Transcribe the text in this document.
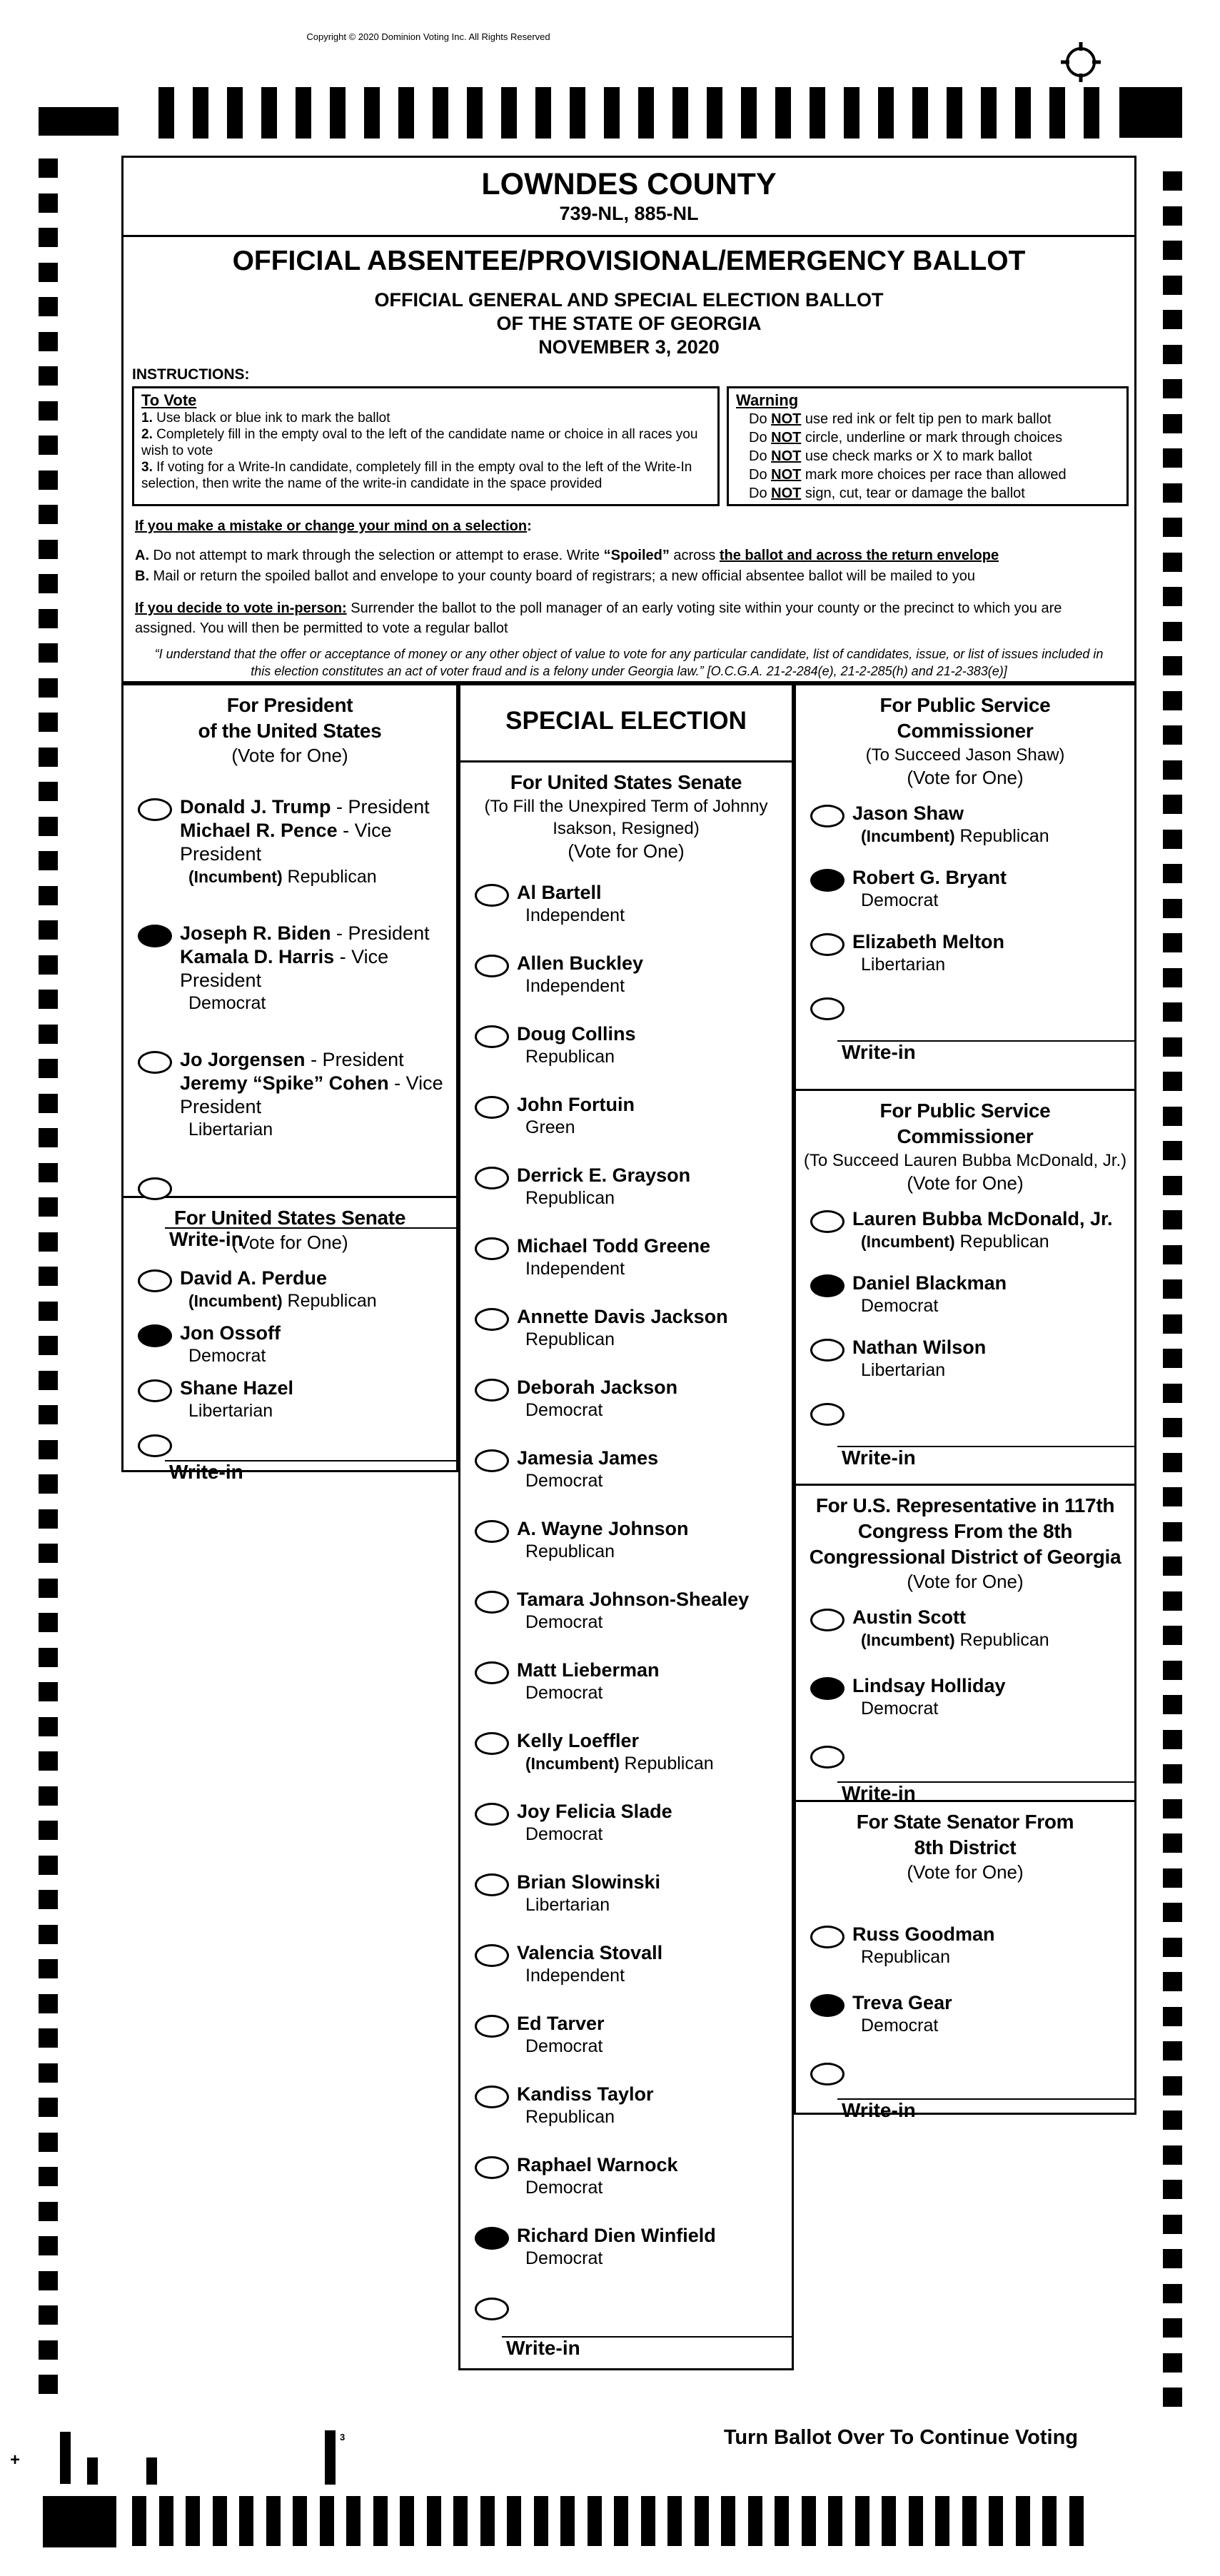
Copyright © 2020 Dominion Voting Inc. All Rights Reserved
LOWNDES COUNTY
739-NL, 885-NL
OFFICIAL ABSENTEE/PROVISIONAL/EMERGENCY BALLOT
OFFICIAL GENERAL AND SPECIAL ELECTION BALLOT
OF THE STATE OF GEORGIA
NOVEMBER 3, 2020
INSTRUCTIONS:
To Vote
1. Use black or blue ink to mark the ballot
2. Completely fill in the empty oval to the left of the candidate name or choice in all races you wish to vote
3. If voting for a Write-In candidate, completely fill in the empty oval to the left of the Write-In selection, then write the name of the write-in candidate in the space provided
Warning
Do NOT use red ink or felt tip pen to mark ballot
Do NOT circle, underline or mark through choices
Do NOT use check marks or X to mark ballot
Do NOT mark more choices per race than allowed
Do NOT sign, cut, tear or damage the ballot
If you make a mistake or change your mind on a selection:
A. Do not attempt to mark through the selection or attempt to erase. Write “Spoiled” across the ballot and across the return envelope
B. Mail or return the spoiled ballot and envelope to your county board of registrars; a new official absentee ballot will be mailed to you
If you decide to vote in-person: Surrender the ballot to the poll manager of an early voting site within your county or the precinct to which you are assigned. You will then be permitted to vote a regular ballot
“I understand that the offer or acceptance of money or any other object of value to vote for any particular candidate, list of candidates, issue, or list of issues included in this election constitutes an act of voter fraud and is a felony under Georgia law.” [O.C.G.A. 21-2-284(e), 21-2-285(h) and 21-2-383(e)]
Turn Ballot Over To Continue Voting
+
3
For President
of the United States
(Vote for One)
Donald J. Trump - President
Michael R. Pence - Vice President
(Incumbent) Republican
Joseph R. Biden - President
Kamala D. Harris - Vice President
Democrat
Jo Jorgensen - President
Jeremy “Spike” Cohen - Vice President
Libertarian
Write-in
For United States Senate
(Vote for One)
David A. Perdue
(Incumbent) Republican
Jon Ossoff
Democrat
Shane Hazel
Libertarian
Write-in
SPECIAL ELECTION
For United States Senate
(To Fill the Unexpired Term of Johnny
Isakson, Resigned)
(Vote for One)
Al Bartell
Independent
Allen Buckley
Independent
Doug Collins
Republican
John Fortuin
Green
Derrick E. Grayson
Republican
Michael Todd Greene
Independent
Annette Davis Jackson
Republican
Deborah Jackson
Democrat
Jamesia James
Democrat
A. Wayne Johnson
Republican
Tamara Johnson-Shealey
Democrat
Matt Lieberman
Democrat
Kelly Loeffler
(Incumbent) Republican
Joy Felicia Slade
Democrat
Brian Slowinski
Libertarian
Valencia Stovall
Independent
Ed Tarver
Democrat
Kandiss Taylor
Republican
Raphael Warnock
Democrat
Richard Dien Winfield
Democrat
Write-in
For Public Service
Commissioner
(To Succeed Jason Shaw)
(Vote for One)
Jason Shaw
(Incumbent) Republican
Robert G. Bryant
Democrat
Elizabeth Melton
Libertarian
Write-in
For Public Service
Commissioner
(To Succeed Lauren Bubba McDonald, Jr.)
(Vote for One)
Lauren Bubba McDonald, Jr.
(Incumbent) Republican
Daniel Blackman
Democrat
Nathan Wilson
Libertarian
Write-in
For U.S. Representative in 117th
Congress From the 8th
Congressional District of Georgia
(Vote for One)
Austin Scott
(Incumbent) Republican
Lindsay Holliday
Democrat
Write-in
For State Senator From
8th District
(Vote for One)
Russ Goodman
Republican
Treva Gear
Democrat
Write-in
